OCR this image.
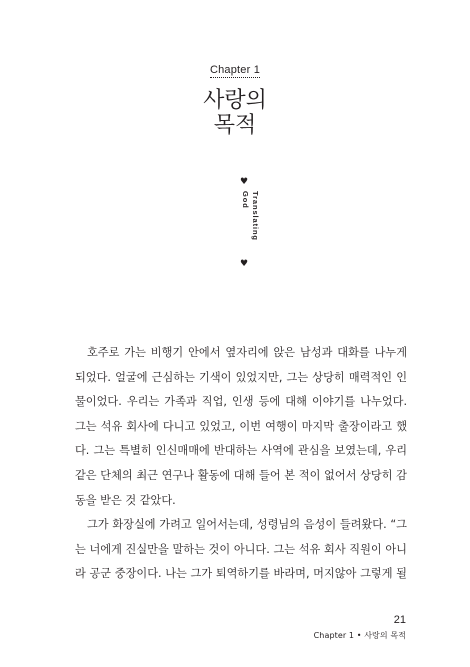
Chapter 1
사랑의
목적
♥
Translating God
♥

호주로 가는 비행기 안에서 옆자리에 앉은 남성과 대화를 나누게
되었다. 얼굴에 근심하는 기색이 있었지만, 그는 상당히 매력적인 인
물이었다. 우리는 가족과 직업, 인생 등에 대해 이야기를 나누었다.
그는 석유 회사에 다니고 있었고, 이번 여행이 마지막 출장이라고 했
다. 그는 특별히 인신매매에 반대하는 사역에 관심을 보였는데, 우리
같은 단체의 최근 연구나 활동에 대해 들어 본 적이 없어서 상당히 감
동을 받은 것 같았다.

그가 화장실에 가려고 일어서는데, 성령님의 음성이 들려왔다. “그
는 너에게 진실만을 말하는 것이 아니다. 그는 석유 회사 직원이 아니
라 공군 중장이다. 나는 그가 퇴역하기를 바라며, 머지않아 그렇게 될

21
Chapter 1 • 사랑의 목적
